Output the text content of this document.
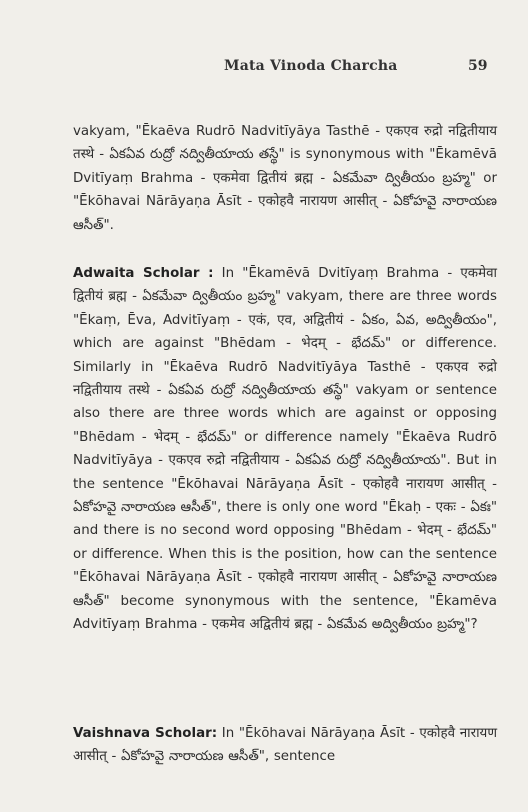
Mata Vinoda Charcha	59
vakyam, "Ēkaēva Rudrō Nadvitīyāya Tasthē - एकएव रुद्रो नद्वितीयाय तस्थे - ఏకఏవ రుద్రో నద్వితీయాయ తస్థే" is synonymous with "Ēkamēvā Dvitīyaṃ Brahma - एकमेवा द्वितीयं ब्रह्म - ఏకమేవా ద్వితీయం బ్రహ్మ" or "Ēkōhavai Nārāyaṇa Āsīt - एकोहवै नारायण आसीत् - ఏకోహవై నారాయణ ఆసీత్".
Adwaita Scholar : In "Ēkamēvā Dvitīyaṃ Brahma - एकमेवा द्वितीयं ब्रह्म - ఏకమేవా ద్వితీయం బ్రహ్మ" vakyam, there are three words "Ēkaṃ, Ēva, Advitīyaṃ - एकं, एव, अद्वितीयं - ఏకం, ఏవ, అద్వితీయం", which are against "Bhēdam - भेदम् - భేదమ్" or difference. Similarly in "Ēkaēva Rudrō Nadvitīyāya Tasthē - एकएव रुद्रो नद्वितीयाय तस्थे - ఏకఏవ రుద్రో నద్వితీయాయ తస్థే" vakyam or sentence also there are three words which are against or opposing "Bhēdam - भेदम् - భేదమ్" or difference namely "Ēkaēva Rudrō Nadvitīyāya - एकएव रुद्रो नद्वितीयाय - ఏకఏవ రుద్రో నద్వితీయాయ". But in the sentence "Ēkōhavai Nārāyaṇa Āsīt - एकोहवै नारायण आसीत् - ఏకోహవై నారాయణ ఆసీత్", there is only one word "Ēkaḥ - एकः - ఏకః" and there is no second word opposing "Bhēdam - भेदम् - భేదమ్" or difference. When this is the position, how can the sentence "Ēkōhavai Nārāyaṇa Āsīt - एकोहवै नारायण आसीत् - ఏకోహవై నారాయణ ఆసీత్" become synonymous with the sentence, "Ēkamēva Advitīyaṃ Brahma - एकमेव अद्वितीयं ब्रह्म - ఏకమేవ అద్వితీయం బ్రహ్మ"?
Vaishnava Scholar: In "Ēkōhavai Nārāyaṇa Āsīt - एकोहवै नारायण आसीत् - ఏకోహవై నారాయణ ఆసీత్", sentence
